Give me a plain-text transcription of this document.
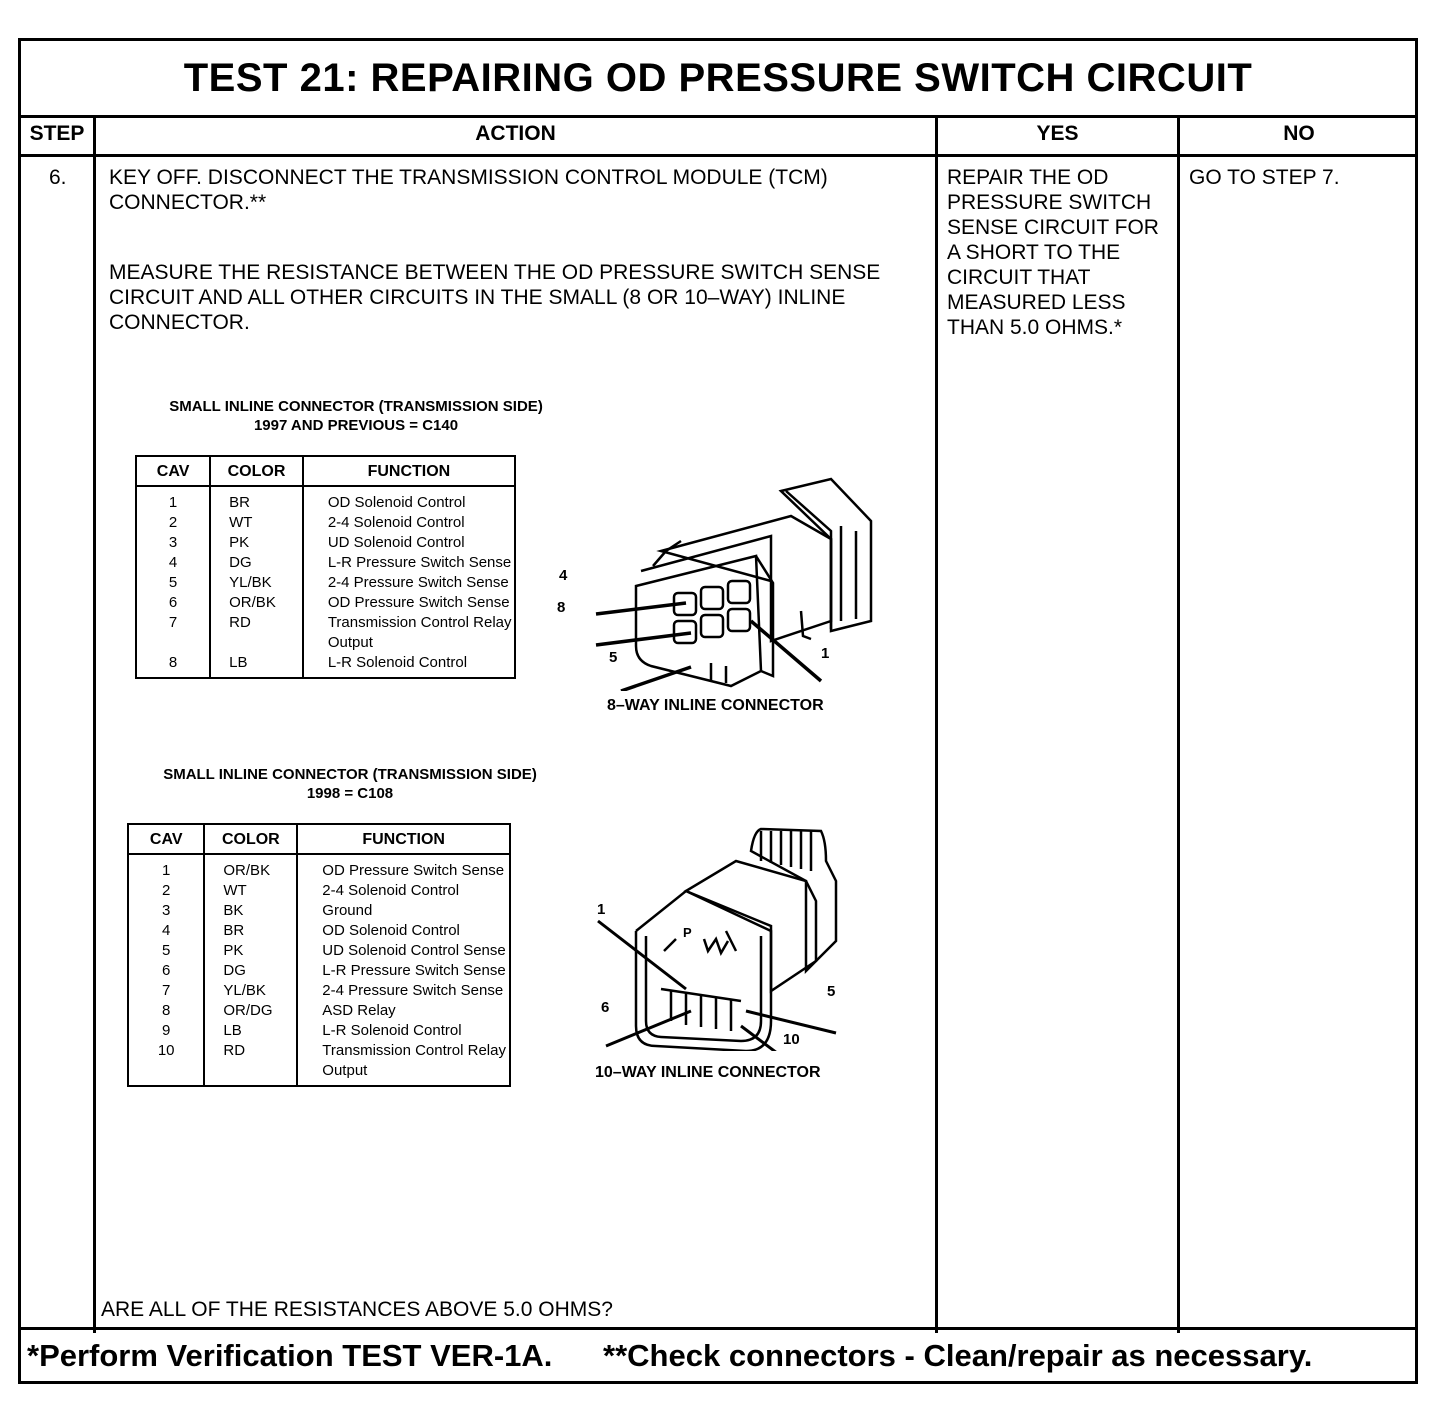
TEST 21: REPAIRING OD PRESSURE SWITCH CIRCUIT
STEP	ACTION	YES	NO
6. KEY OFF. DISCONNECT THE TRANSMISSION CONTROL MODULE (TCM) CONNECTOR.**
MEASURE THE RESISTANCE BETWEEN THE OD PRESSURE SWITCH SENSE CIRCUIT AND ALL OTHER CIRCUITS IN THE SMALL (8 OR 10–WAY) INLINE CONNECTOR.
REPAIR THE OD PRESSURE SWITCH SENSE CIRCUIT FOR A SHORT TO THE CIRCUIT THAT MEASURED LESS THAN 5.0 OHMS.*
GO TO STEP 7.
ARE ALL OF THE RESISTANCES ABOVE 5.0 OHMS?
SMALL INLINE CONNECTOR (TRANSMISSION SIDE)
1997 AND PREVIOUS = C140
CAV	COLOR	FUNCTION
1	BR	OD Solenoid Control
2	WT	2-4 Solenoid Control
3	PK	UD Solenoid Control
4	DG	L-R Pressure Switch Sense
5	YL/BK	2-4 Pressure Switch Sense
6	OR/BK	OD Pressure Switch Sense
7	RD	Transmission Control Relay Output
8	LB	L-R Solenoid Control
SMALL INLINE CONNECTOR (TRANSMISSION SIDE)
1998 = C108
CAV	COLOR	FUNCTION
1	OR/BK	OD Pressure Switch Sense
2	WT	2-4 Solenoid Control
3	BK	Ground
4	BR	OD Solenoid Control
5	PK	UD Solenoid Control Sense
6	DG	L-R Pressure Switch Sense
7	YL/BK	2-4 Pressure Switch Sense
8	OR/DG	ASD Relay
9	LB	L-R Solenoid Control
10	RD	Transmission Control Relay Output
4
8
5	1
8–WAY INLINE CONNECTOR
1
6
5
10
P
10–WAY INLINE CONNECTOR
*Perform Verification TEST VER-1A. **Check connectors - Clean/repair as necessary.
